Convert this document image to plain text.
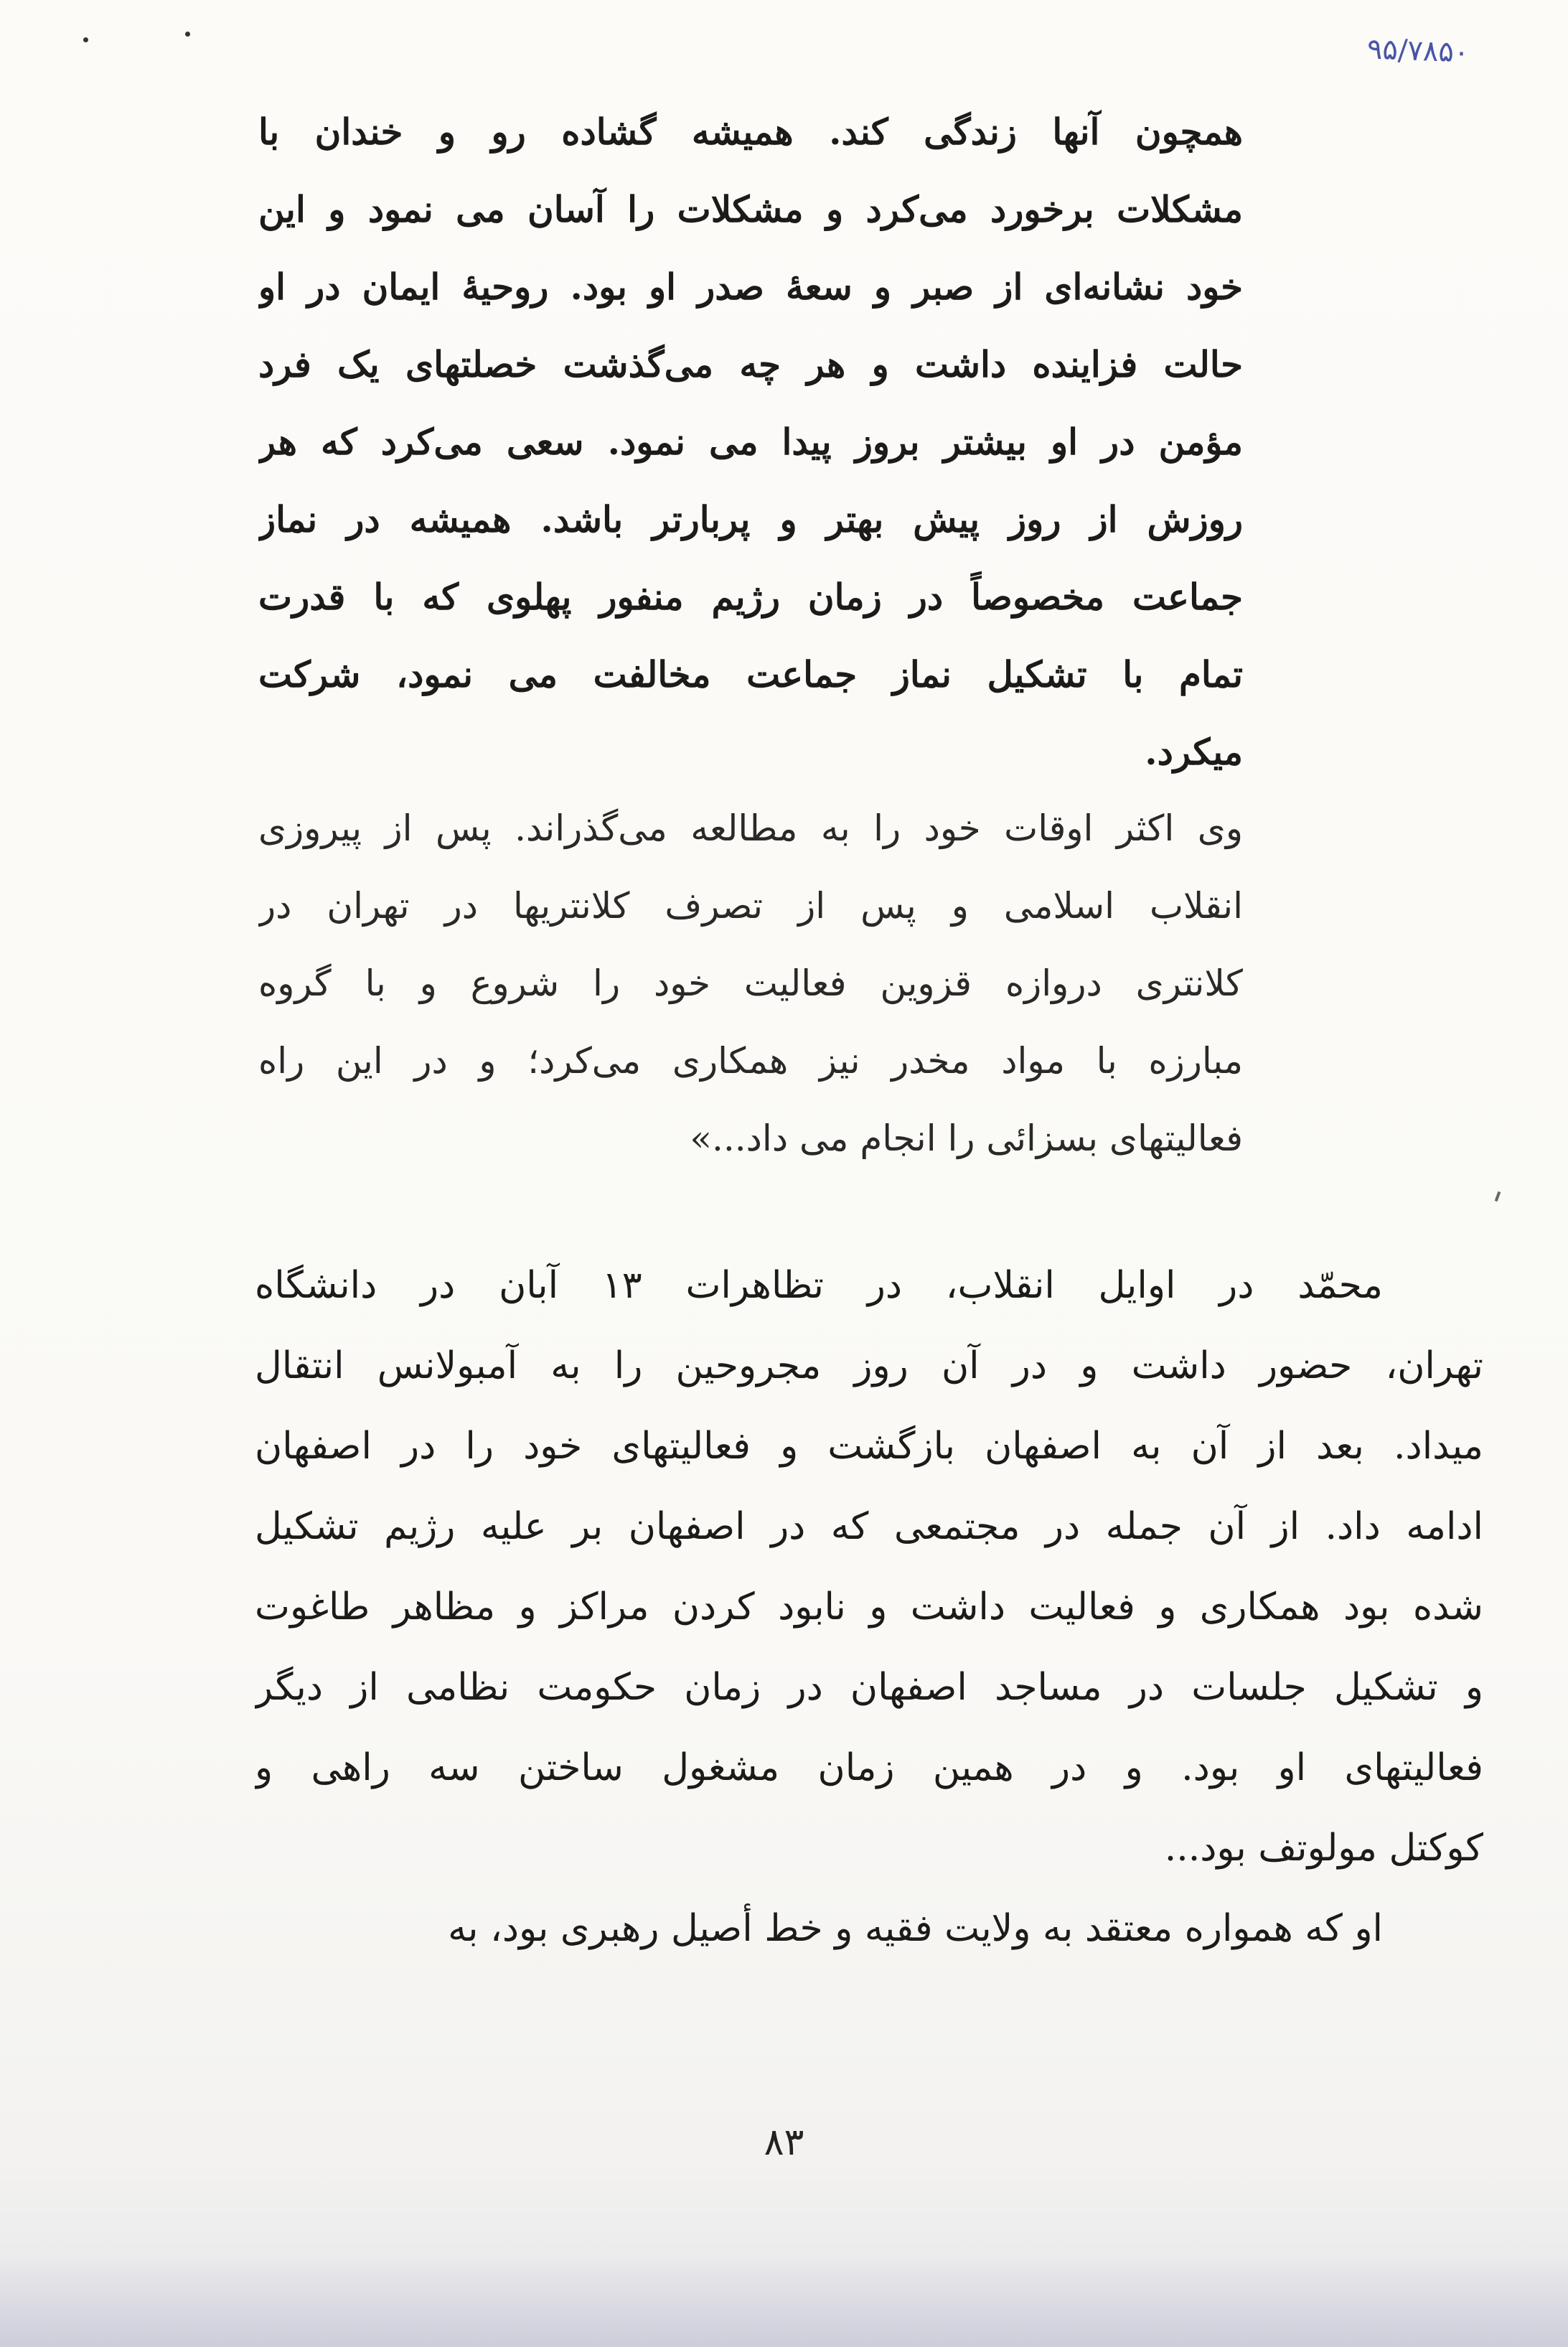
۹۵/۷۸۵۰
همچون آنها زندگی کند. همیشه گشاده رو و خندان با
مشکلات برخورد می‌کرد و مشکلات را آسان می نمود و این
خود نشانه‌ای از صبر و سعهٔ صدر او بود. روحیهٔ ایمان در او
حالت فزاینده داشت و هر چه می‌گذشت خصلتهای یک فرد
مؤمن در او بیشتر بروز پیدا می نمود. سعی می‌کرد که هر
روزش از روز پیش بهتر و پربارتر باشد. همیشه در نماز
جماعت مخصوصاً در زمان رژیم منفور پهلوی که با قدرت
تمام با تشکیل نماز جماعت مخالفت می نمود، شرکت
میکرد.
وی اکثر اوقات خود را به مطالعه می‌گذراند. پس از پیروزی
انقلاب اسلامی و پس از تصرف کلانتریها در تهران در
کلانتری دروازه قزوین فعالیت خود را شروع و با گروه
مبارزه با مواد مخدر نیز همکاری می‌کرد؛ و در این راه
فعالیتهای بسزائی را انجام می داد...»
محمّد در اوایل انقلاب، در تظاهرات ۱۳ آبان در دانشگاه
تهران، حضور داشت و در آن روز مجروحین را به آمبولانس انتقال
میداد. بعد از آن به اصفهان بازگشت و فعالیتهای خود را در اصفهان
ادامه داد. از آن جمله در مجتمعی که در اصفهان بر علیه رژیم تشکیل
شده بود همکاری و فعالیت داشت و نابود کردن مراکز و مظاهر طاغوت
و تشکیل جلسات در مساجد اصفهان در زمان حکومت نظامی از دیگر
فعالیتهای او بود. و در همین زمان مشغول ساختن سه راهی و
کوکتل مولوتف بود...
او که همواره معتقد به ولایت فقیه و خط أصیل رهبری بود، به
۸۳
